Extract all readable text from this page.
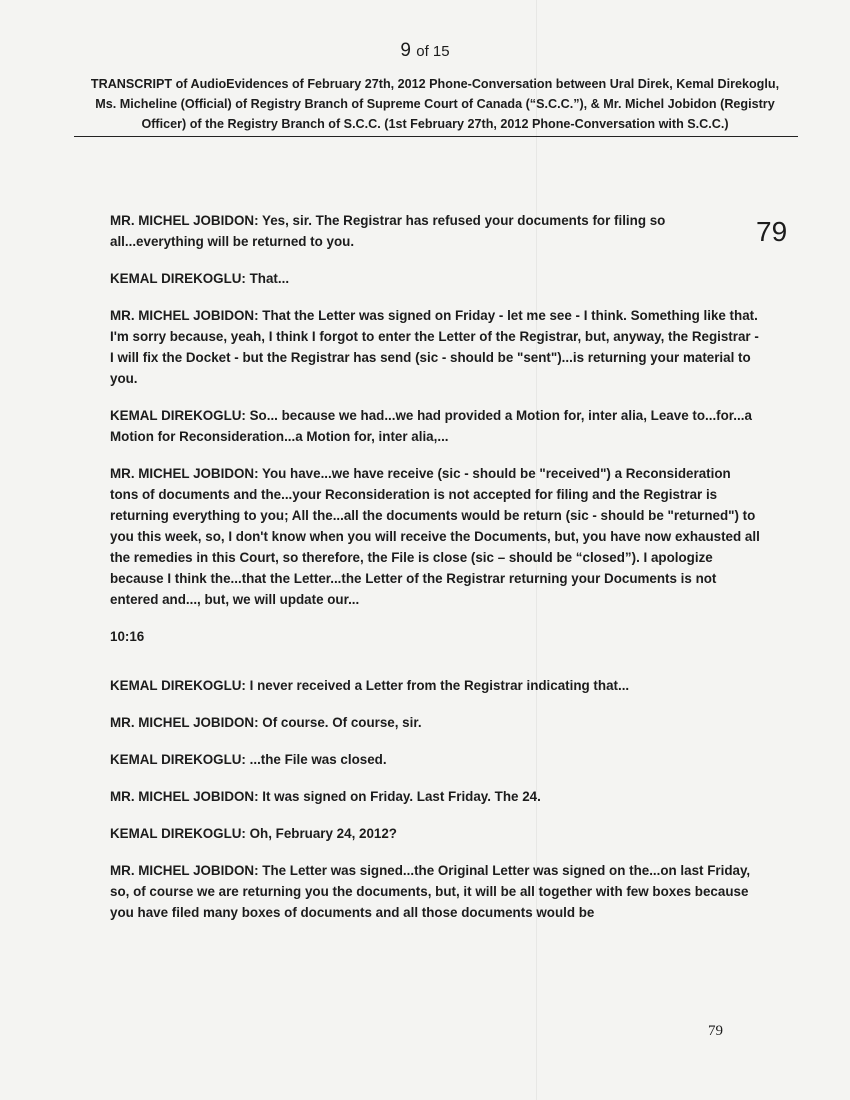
9 of 15
TRANSCRIPT of AudioEvidences of February 27th, 2012 Phone-Conversation between Ural Direk, Kemal Direkoglu,
Ms. Micheline (Official) of Registry Branch of Supreme Court of Canada (“S.C.C.”), & Mr. Michel Jobidon (Registry
Officer) of the Registry Branch of S.C.C. (1st February 27th, 2012 Phone-Conversation with S.C.C.)
79
MR. MICHEL JOBIDON: Yes, sir. The Registrar has refused your documents for filing so all...everything will be returned to you.
KEMAL DIREKOGLU: That...
MR. MICHEL JOBIDON: That the Letter was signed on Friday - let me see - I think. Something like that. I'm sorry because, yeah, I think I forgot to enter the Letter of the Registrar, but, anyway, the Registrar - I will fix the Docket - but the Registrar has send (sic - should be "sent")...is returning your material to you.
KEMAL DIREKOGLU: So... because we had...we had provided a Motion for, inter alia, Leave to...for...a Motion for Reconsideration...a Motion for, inter alia,...
MR. MICHEL JOBIDON: You have...we have receive (sic - should be "received") a Reconsideration tons of documents and the...your Reconsideration is not accepted for filing and the Registrar is returning everything to you; All the...all the documents would be return (sic - should be "returned") to you this week, so, I don't know when you will receive the Documents, but, you have now exhausted all the remedies in this Court, so therefore, the File is close (sic – should be “closed”). I apologize because I think the...that the Letter...the Letter of the Registrar returning your Documents is not entered and..., but, we will update our...
10:16
KEMAL DIREKOGLU: I never received a Letter from the Registrar indicating that...
MR. MICHEL JOBIDON: Of course. Of course, sir.
KEMAL DIREKOGLU: ...the File was closed.
MR. MICHEL JOBIDON: It was signed on Friday. Last Friday. The 24.
KEMAL DIREKOGLU: Oh, February 24, 2012?
MR. MICHEL JOBIDON: The Letter was signed...the Original Letter was signed on the...on last Friday, so, of course we are returning you the documents, but, it will be all together with few boxes because you have filed many boxes of documents and all those documents would be
79
